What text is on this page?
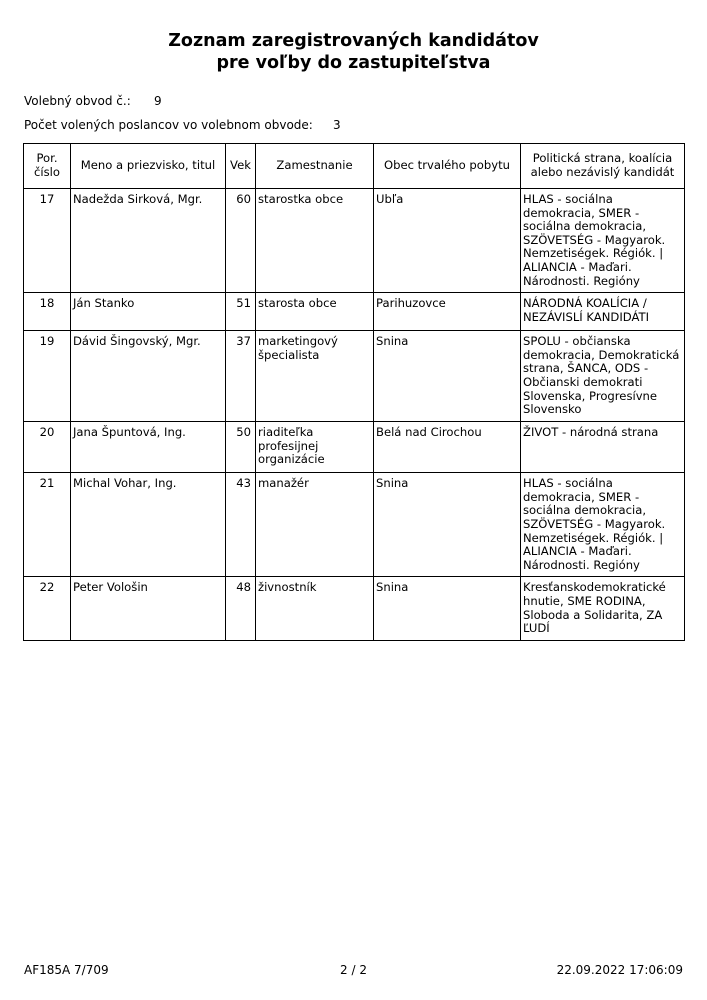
Zoznam zaregistrovaných kandidátov
pre voľby do zastupiteľstva
Volebný obvod č.: 9
Počet volených poslancov vo volebnom obvode: 3
Por. číslo	Meno a priezvisko, titul	Vek	Zamestnanie	Obec trvalého pobytu	Politická strana, koalícia alebo nezávislý kandidát
17	Nadežda Sirková, Mgr.	60	starostka obce	Ubľa	HLAS - sociálna demokracia, SMER - sociálna demokracia, SZÖVETSÉG - Magyarok. Nemzetiségek. Régiók. | ALIANCIA - Maďari. Národnosti. Regióny
18	Ján Stanko	51	starosta obce	Parihuzovce	NÁRODNÁ KOALÍCIA / NEZÁVISLÍ KANDIDÁTI
19	Dávid Šingovský, Mgr.	37	marketingový špecialista	Snina	SPOLU - občianska demokracia, Demokratická strana, ŠANCA, ODS - Občianski demokrati Slovenska, Progresívne Slovensko
20	Jana Špuntová, Ing.	50	riaditeľka profesijnej organizácie	Belá nad Cirochou	ŽIVOT - národná strana
21	Michal Vohar, Ing.	43	manažér	Snina	HLAS - sociálna demokracia, SMER - sociálna demokracia, SZÖVETSÉG - Magyarok. Nemzetiségek. Régiók. | ALIANCIA - Maďari. Národnosti. Regióny
22	Peter Vološin	48	živnostník	Snina	Kresťanskodemokratické hnutie, SME RODINA, Sloboda a Solidarita, ZA ĽUDÍ
AF185A 7/709	2 / 2	22.09.2022 17:06:09
